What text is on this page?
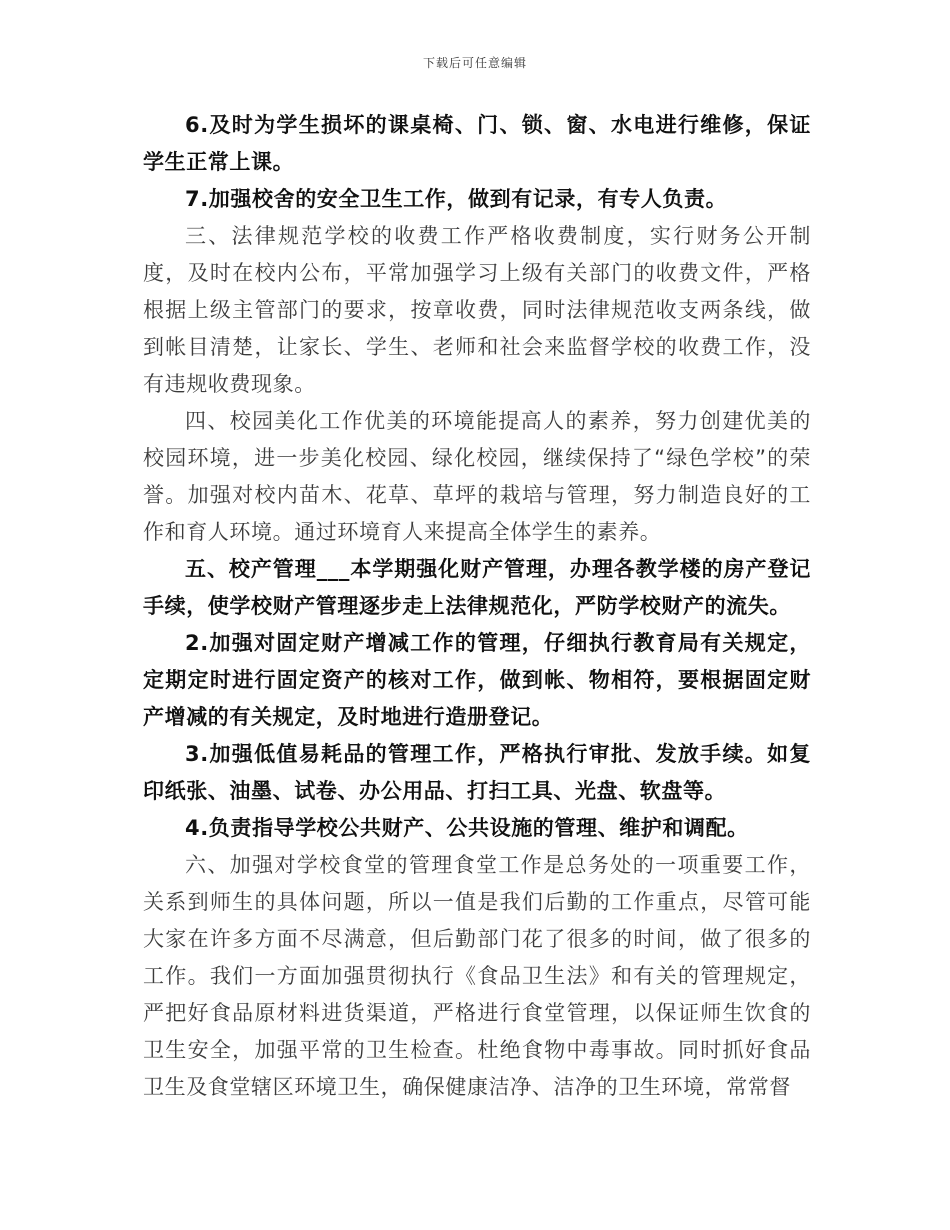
下载后可任意编辑

6.及时为学生损坏的课桌椅、门、锁、窗、水电进行维修，保证学生正常上课。

7.加强校舍的安全卫生工作，做到有记录，有专人负责。

三、法律规范学校的收费工作严格收费制度，实行财务公开制度，及时在校内公布，平常加强学习上级有关部门的收费文件，严格根据上级主管部门的要求，按章收费，同时法律规范收支两条线，做到帐目清楚，让家长、学生、老师和社会来监督学校的收费工作，没有违规收费现象。

四、校园美化工作优美的环境能提高人的素养，努力创建优美的校园环境，进一步美化校园、绿化校园，继续保持了“绿色学校”的荣誉。加强对校内苗木、花草、草坪的栽培与管理，努力制造良好的工作和育人环境。通过环境育人来提高全体学生的素养。

五、校产管理___本学期强化财产管理，办理各教学楼的房产登记手续，使学校财产管理逐步走上法律规范化，严防学校财产的流失。

2.加强对固定财产增减工作的管理，仔细执行教育局有关规定，定期定时进行固定资产的核对工作，做到帐、物相符，要根据固定财产增减的有关规定，及时地进行造册登记。

3.加强低值易耗品的管理工作，严格执行审批、发放手续。如复印纸张、油墨、试卷、办公用品、打扫工具、光盘、软盘等。

4.负责指导学校公共财产、公共设施的管理、维护和调配。

六、加强对学校食堂的管理食堂工作是总务处的一项重要工作，关系到师生的具体问题，所以一值是我们后勤的工作重点，尽管可能大家在许多方面不尽满意，但后勤部门花了很多的时间，做了很多的工作。我们一方面加强贯彻执行《食品卫生法》和有关的管理规定，严把好食品原材料进货渠道，严格进行食堂管理，以保证师生饮食的卫生安全，加强平常的卫生检查。杜绝食物中毒事故。同时抓好食品卫生及食堂辖区环境卫生，确保健康洁净、洁净的卫生环境，常常督
